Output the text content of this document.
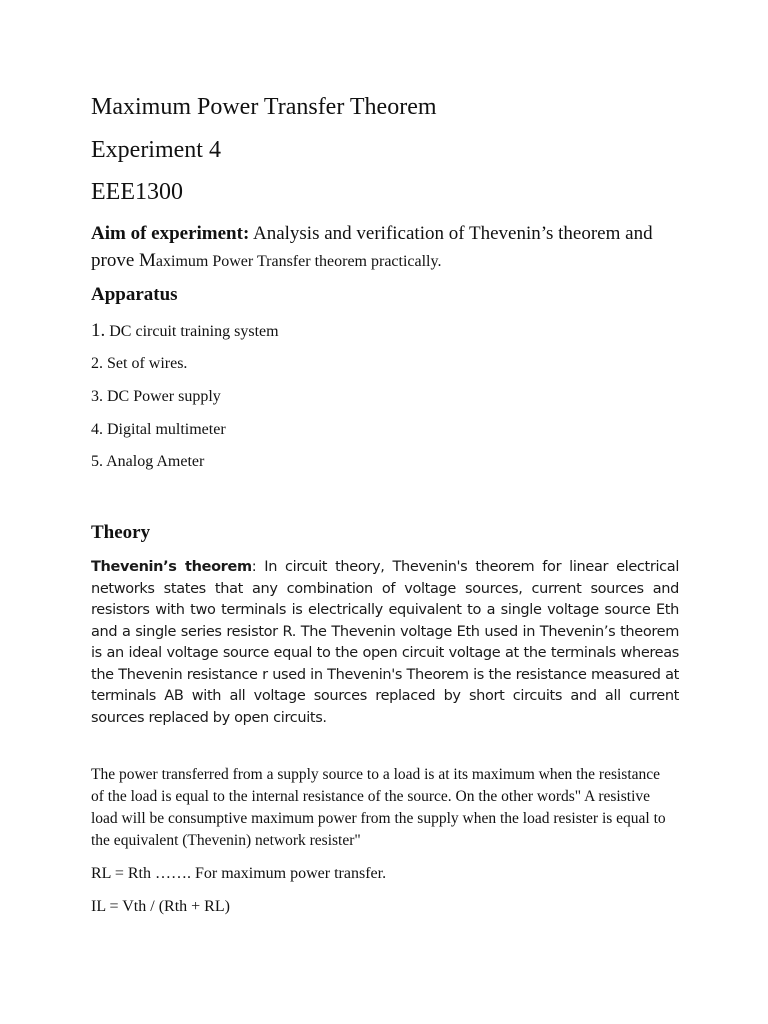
Maximum Power Transfer Theorem
Experiment 4
EEE1300

Aim of experiment: Analysis and verification of Thevenin’s theorem and prove Maximum Power Transfer theorem practically.

Apparatus

1. DC circuit training system

2. Set of wires.

3. DC Power supply

4. Digital multimeter

5. Analog Ameter

Theory

Thevenin’s theorem: In circuit theory, Thevenin's theorem for linear electrical networks states that any combination of voltage sources, current sources and resistors with two terminals is electrically equivalent to a single voltage source Eth and a single series resistor R. The Thevenin voltage Eth used in Thevenin’s theorem is an ideal voltage source equal to the open circuit voltage at the terminals whereas the Thevenin resistance r used in Thevenin's Theorem is the resistance measured at terminals AB with all voltage sources replaced by short circuits and all current sources replaced by open circuits.

The power transferred from a supply source to a load is at its maximum when the resistance of the load is equal to the internal resistance of the source. On the other words" A resistive load will be consumptive maximum power from the supply when the load resister is equal to the equivalent (Thevenin) network resister"

RL = Rth ……. For maximum power transfer.

IL = Vth / (Rth + RL)
